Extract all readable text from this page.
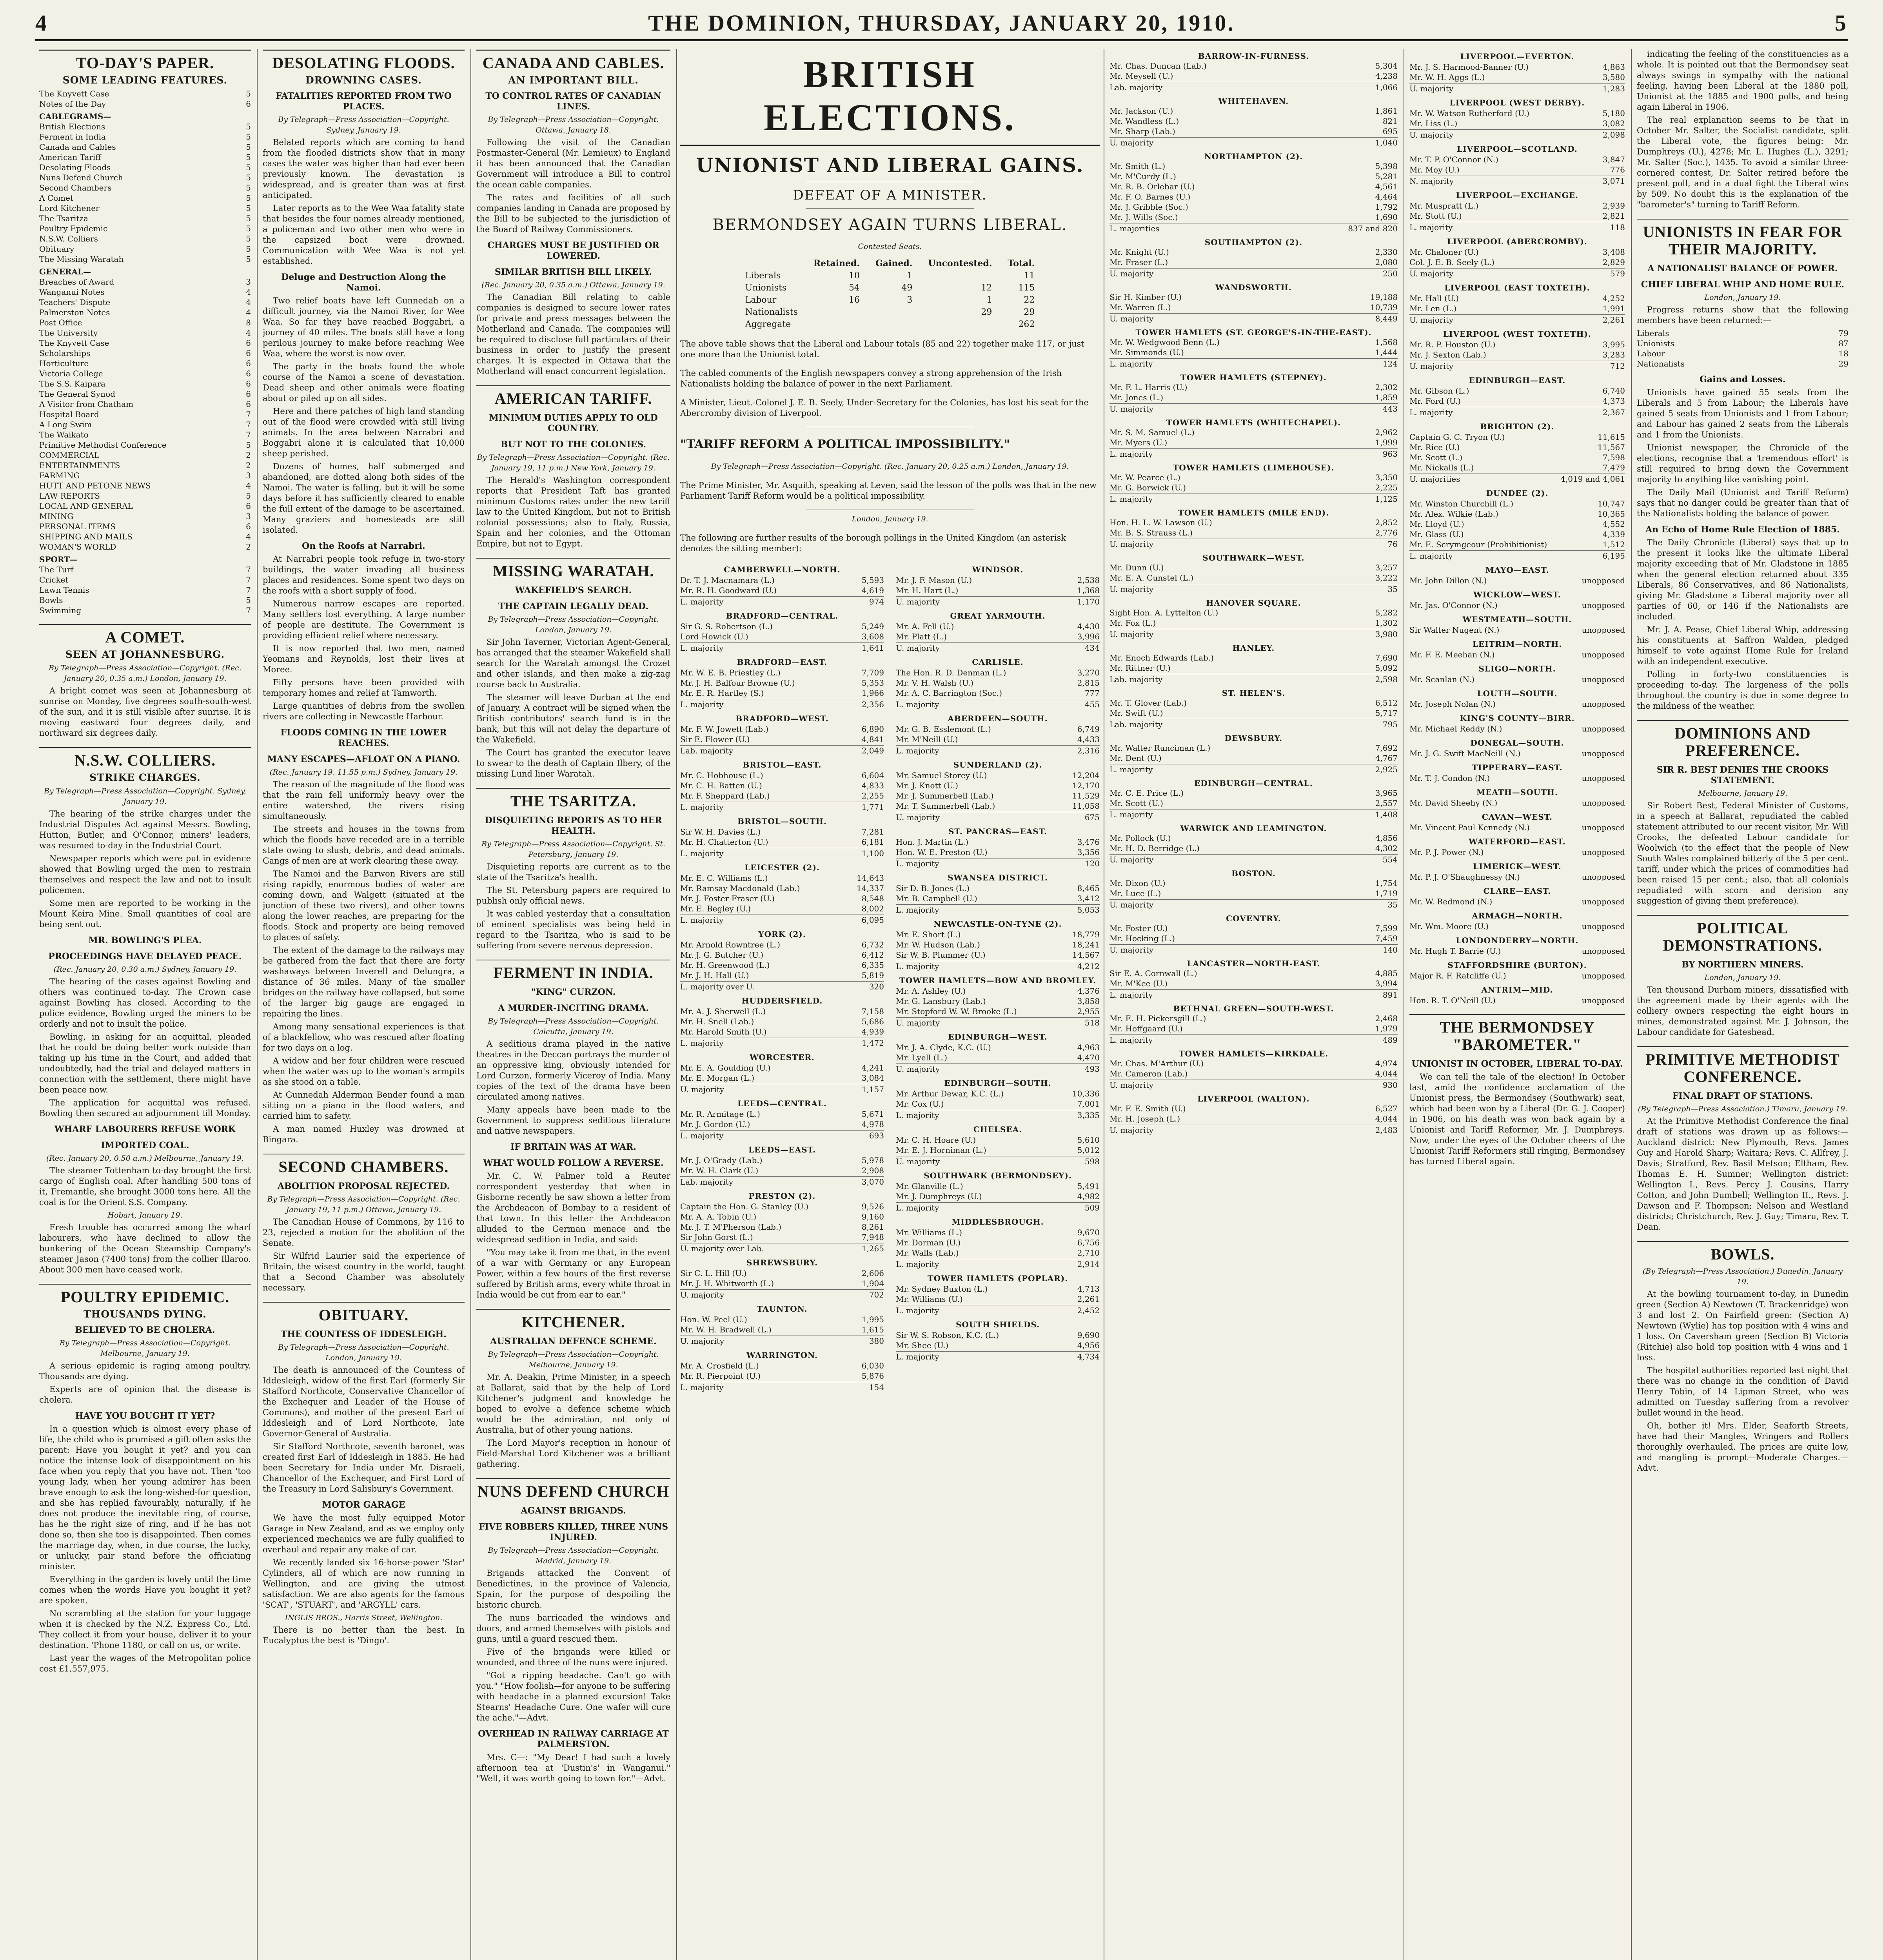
4	THE DOMINION, THURSDAY, JANUARY 20, 1910.	5
TO-DAY'S PAPER.
SOME LEADING FEATURES.
The Knyvett Case	5
Notes of the Day	6
CABLEGRAMS—
British Elections	5
Ferment in India	5
Canada and Cables	5
American Tariff	5
Desolating Floods	5
Nuns Defend Church	5
Second Chambers	5
A Comet	5
Lord Kitchener	5
The Tsaritza	5
Poultry Epidemic	5
N.S.W. Colliers	5
Obituary	5
The Missing Waratah	5
GENERAL—
Breaches of Award	3
Wanganui Notes	4
Teachers' Dispute	4
Palmerston Notes	4
Post Office	8
The University	4
The Knyvett Case	6
Scholarships	6
Horticulture	6
Victoria College	6
The S.S. Kaipara	6
The General Synod	6
A Visitor from Chatham	6
Hospital Board	7
A Long Swim	7
The Waikato	7
Primitive Methodist Conference	5
COMMERCIAL	2
ENTERTAINMENTS	2
FARMING	3
HUTT AND PETONE NEWS	4
LAW REPORTS	5
LOCAL AND GENERAL	6
MINING	3
PERSONAL ITEMS	6
SHIPPING AND MAILS	4
WOMAN'S WORLD	2
SPORT—
The Turf	7
Cricket	7
Lawn Tennis	7
Bowls	5
Swimming	7
A COMET.
SEEN AT JOHANNESBURG.
By Telegraph—Press Association—Copyright. (Rec. January 20, 0.35 a.m.) London, January 19.

A bright comet was seen at Johannesburg at sunrise on Monday, five degrees south-south-west of the sun, and it is still visible after sunrise. It is moving eastward four degrees daily, and northward six degrees daily.

N.S.W. COLLIERS.
STRIKE CHARGES.
By Telegraph—Press Association—Copyright. Sydney, January 19.

The hearing of the strike charges under the Industrial Disputes Act against Messrs. Bowling, Hutton, Butler, and O'Connor, miners' leaders, was resumed to-day in the Industrial Court.

Newspaper reports which were put in evidence showed that Bowling urged the men to restrain themselves and respect the law and not to insult policemen.

Some men are reported to be working in the Mount Keira Mine. Small quantities of coal are being sent out.

MR. BOWLING'S PLEA.
PROCEEDINGS HAVE DELAYED PEACE.
(Rec. January 20, 0.30 a.m.) Sydney, January 19.

The hearing of the cases against Bowling and others was continued to-day. The Crown case against Bowling has closed. According to the police evidence, Bowling urged the miners to be orderly and not to insult the police.

Bowling, in asking for an acquittal, pleaded that he could be doing better work outside than taking up his time in the Court, and added that undoubtedly, had the trial and delayed matters in connection with the settlement, there might have been peace now.

The application for acquittal was refused. Bowling then secured an adjournment till Monday.

WHARF LABOURERS REFUSE WORK
IMPORTED COAL.
(Rec. January 20, 0.50 a.m.) Melbourne, January 19.

The steamer Tottenham to-day brought the first cargo of English coal. After handling 500 tons of it, Fremantle, she brought 3000 tons here. All the coal is for the Orient S.S. Company.

Hobart, January 19.

Fresh trouble has occurred among the wharf labourers, who have declined to allow the bunkering of the Ocean Steamship Company's steamer Jason (7400 tons) from the collier Illaroo. About 300 men have ceased work.

POULTRY EPIDEMIC.
THOUSANDS DYING.
BELIEVED TO BE CHOLERA.
By Telegraph—Press Association—Copyright. Melbourne, January 19.

A serious epidemic is raging among poultry. Thousands are dying.

Experts are of opinion that the disease is cholera.

HAVE YOU BOUGHT IT YET?

In a question which is almost every phase of life, the child who is promised a gift often asks the parent: Have you bought it yet? and you can notice the intense look of disappointment on his face when you reply that you have not. Then 'too young lady, when her young admirer has been brave enough to ask the long-wished-for question, and she has replied favourably, naturally, if he does not produce the inevitable ring, of course, has he the right size of ring, and if he has not done so, then she too is disappointed. Then comes the marriage day, when, in due course, the lucky, or unlucky, pair stand before the officiating minister.

Everything in the garden is lovely until the time comes when the words Have you bought it yet? are spoken.

No scrambling at the station for your luggage when it is checked by the N.Z. Express Co., Ltd. They collect it from your house, deliver it to your destination. 'Phone 1180, or call on us, or write.

Last year the wages of the Metropolitan police cost £1,557,975.

DESOLATING FLOODS.
DROWNING CASES.
FATALITIES REPORTED FROM TWO PLACES.
By Telegraph—Press Association—Copyright. Sydney, January 19.

Belated reports which are coming to hand from the flooded districts show that in many cases the water was higher than had ever been previously known. The devastation is widespread, and is greater than was at first anticipated.

Later reports as to the Wee Waa fatality state that besides the four names already mentioned, a policeman and two other men who were in the capsized boat were drowned. Communication with Wee Waa is not yet established.

Deluge and Destruction Along the Namoi.

Two relief boats have left Gunnedah on a difficult journey, via the Namoi River, for Wee Waa. So far they have reached Boggabri, a journey of 40 miles. The boats still have a long perilous journey to make before reaching Wee Waa, where the worst is now over.

The party in the boats found the whole course of the Namoi a scene of devastation. Dead sheep and other animals were floating about or piled up on all sides.

Here and there patches of high land standing out of the flood were crowded with still living animals. In the area between Narrabri and Boggabri alone it is calculated that 10,000 sheep perished.

Dozens of homes, half submerged and abandoned, are dotted along both sides of the Namoi. The water is falling, but it will be some days before it has sufficiently cleared to enable the full extent of the damage to be ascertained. Many graziers and homesteads are still isolated.

On the Roofs at Narrabri.

At Narrabri people took refuge in two-story buildings, the water invading all business places and residences. Some spent two days on the roofs with a short supply of food.

Numerous narrow escapes are reported. Many settlers lost everything. A large number of people are destitute. The Government is providing efficient relief where necessary.

It is now reported that two men, named Yeomans and Reynolds, lost their lives at Moree.

Fifty persons have been provided with temporary homes and relief at Tamworth.

Large quantities of debris from the swollen rivers are collecting in Newcastle Harbour.

FLOODS COMING IN THE LOWER REACHES.
MANY ESCAPES—AFLOAT ON A PIANO.
(Rec. January 19, 11.55 p.m.) Sydney, January 19.

The reason of the magnitude of the flood was that the rain fell uniformly heavy over the entire watershed, the rivers rising simultaneously.

The streets and houses in the towns from which the floods have receded are in a terrible state owing to slush, debris, and dead animals. Gangs of men are at work clearing these away.

The Namoi and the Barwon Rivers are still rising rapidly, enormous bodies of water are coming down, and Walgett (situated at the junction of these two rivers), and other towns along the lower reaches, are preparing for the floods. Stock and property are being removed to places of safety.

The extent of the damage to the railways may be gathered from the fact that there are forty washaways between Inverell and Delungra, a distance of 36 miles. Many of the smaller bridges on the railway have collapsed, but some of the larger big gauge are engaged in repairing the lines.

Among many sensational experiences is that of a blackfellow, who was rescued after floating for two days on a log.

A widow and her four children were rescued when the water was up to the woman's armpits as she stood on a table.

At Gunnedah Alderman Bender found a man sitting on a piano in the flood waters, and carried him to safety.

A man named Huxley was drowned at Bingara.

SECOND CHAMBERS.
ABOLITION PROPOSAL REJECTED.
By Telegraph—Press Association—Copyright. (Rec. January 19, 11 p.m.) Ottawa, January 19.

The Canadian House of Commons, by 116 to 23, rejected a motion for the abolition of the Senate.

Sir Wilfrid Laurier said the experience of Britain, the wisest country in the world, taught that a Second Chamber was absolutely necessary.

OBITUARY.
THE COUNTESS OF IDDESLEIGH.
By Telegraph—Press Association—Copyright. London, January 19.

The death is announced of the Countess of Iddesleigh, widow of the first Earl (formerly Sir Stafford Northcote, Conservative Chancellor of the Exchequer and Leader of the House of Commons), and mother of the present Earl of Iddesleigh and of Lord Northcote, late Governor-General of Australia.

Sir Stafford Northcote, seventh baronet, was created first Earl of Iddesleigh in 1885. He had been Secretary for India under Mr. Disraeli, Chancellor of the Exchequer, and First Lord of the Treasury in Lord Salisbury's Government.

MOTOR GARAGE

We have the most fully equipped Motor Garage in New Zealand, and as we employ only experienced mechanics we are fully qualified to overhaul and repair any make of car.

We recently landed six 16-horse-power 'Star' Cylinders, all of which are now running in Wellington, and are giving the utmost satisfaction. We are also agents for the famous 'SCAT', 'STUART', and 'ARGYLL' cars.

INGLIS BROS., Harris Street, Wellington.

There is no better than the best. In Eucalyptus the best is 'Dingo'.

CANADA AND CABLES.
AN IMPORTANT BILL.
TO CONTROL RATES OF CANADIAN LINES.
By Telegraph—Press Association—Copyright. Ottawa, January 18.

Following the visit of the Canadian Postmaster-General (Mr. Lemieux) to England it has been announced that the Canadian Government will introduce a Bill to control the ocean cable companies.

The rates and facilities of all such companies landing in Canada are proposed by the Bill to be subjected to the jurisdiction of the Board of Railway Commissioners.

CHARGES MUST BE JUSTIFIED OR LOWERED.
SIMILAR BRITISH BILL LIKELY.
(Rec. January 20, 0.35 a.m.) Ottawa, January 19.

The Canadian Bill relating to cable companies is designed to secure lower rates for private and press messages between the Motherland and Canada. The companies will be required to disclose full particulars of their business in order to justify the present charges. It is expected in Ottawa that the Motherland will enact concurrent legislation.

AMERICAN TARIFF.
MINIMUM DUTIES APPLY TO OLD COUNTRY.
BUT NOT TO THE COLONIES.
By Telegraph—Press Association—Copyright. (Rec. January 19, 11 p.m.) New York, January 19.

The Herald's Washington correspondent reports that President Taft has granted minimum Customs rates under the new tariff law to the United Kingdom, but not to British colonial possessions; also to Italy, Russia, Spain and her colonies, and the Ottoman Empire, but not to Egypt.

MISSING WARATAH.
WAKEFIELD'S SEARCH.
THE CAPTAIN LEGALLY DEAD.
By Telegraph—Press Association—Copyright. London, January 19.

Sir John Taverner, Victorian Agent-General, has arranged that the steamer Wakefield shall search for the Waratah amongst the Crozet and other islands, and then make a zig-zag course back to Australia.

The steamer will leave Durban at the end of January. A contract will be signed when the British contributors' search fund is in the bank, but this will not delay the departure of the Wakefield.

The Court has granted the executor leave to swear to the death of Captain Ilbery, of the missing Lund liner Waratah.

THE TSARITZA.
DISQUIETING REPORTS AS TO HER HEALTH.
By Telegraph—Press Association—Copyright. St. Petersburg, January 19.

Disquieting reports are current as to the state of the Tsaritza's health.

The St. Petersburg papers are required to publish only official news.

It was cabled yesterday that a consultation of eminent specialists was being held in regard to the Tsaritza, who is said to be suffering from severe nervous depression.

FERMENT IN INDIA.
"KING" CURZON.
A MURDER-INCITING DRAMA.
By Telegraph—Press Association—Copyright. Calcutta, January 19.

A seditious drama played in the native theatres in the Deccan portrays the murder of an oppressive king, obviously intended for Lord Curzon, formerly Viceroy of India. Many copies of the text of the drama have been circulated among natives.

Many appeals have been made to the Government to suppress seditious literature and native newspapers.

IF BRITAIN WAS AT WAR.
WHAT WOULD FOLLOW A REVERSE.

Mr. C. W. Palmer told a Reuter correspondent yesterday that when in Gisborne recently he saw shown a letter from the Archdeacon of Bombay to a resident of that town. In this letter the Archdeacon alluded to the German menace and the widespread sedition in India, and said:

"You may take it from me that, in the event of a war with Germany or any European Power, within a few hours of the first reverse suffered by British arms, every white throat in India would be cut from ear to ear."

KITCHENER.
AUSTRALIAN DEFENCE SCHEME.
By Telegraph—Press Association—Copyright. Melbourne, January 19.

Mr. A. Deakin, Prime Minister, in a speech at Ballarat, said that by the help of Lord Kitchener's judgment and knowledge he hoped to evolve a defence scheme which would be the admiration, not only of Australia, but of other young nations.

The Lord Mayor's reception in honour of Field-Marshal Lord Kitchener was a brilliant gathering.

NUNS DEFEND CHURCH
AGAINST BRIGANDS.
FIVE ROBBERS KILLED, THREE NUNS INJURED.
By Telegraph—Press Association—Copyright. Madrid, January 19.

Brigands attacked the Convent of Benedictines, in the province of Valencia, Spain, for the purpose of despoiling the historic church.

The nuns barricaded the windows and doors, and armed themselves with pistols and guns, until a guard rescued them.

Five of the brigands were killed or wounded, and three of the nuns were injured.

"Got a ripping headache. Can't go with you." "How foolish—for anyone to be suffering with headache in a planned excursion! Take Stearns' Headache Cure. One wafer will cure the ache."—Advt.

OVERHEAD IN RAILWAY CARRIAGE AT PALMERSTON.

Mrs. C—: "My Dear! I had such a lovely afternoon tea at 'Dustin's' in Wanganui." "Well, it was worth going to town for."—Advt.

BRITISH ELECTIONS.
UNIONIST AND LIBERAL GAINS.
DEFEAT OF A MINISTER.
BERMONDSEY AGAIN TURNS LIBERAL.
Contested Seats.
	Retained.	Gained.	Uncontested.	Total.
Liberals	10	1		11
Unionists	54	49	12	115
Labour	16	3	1	22
Nationalists			29	29
Aggregate				262

The above table shows that the Liberal and Labour totals (85 and 22) together make 117, or just one more than the Unionist total.

The cabled comments of the English newspapers convey a strong apprehension of the Irish Nationalists holding the balance of power in the next Parliament.

A Minister, Lieut.-Colonel J. E. B. Seely, Under-Secretary for the Colonies, has lost his seat for the Abercromby division of Liverpool.

"TARIFF REFORM A POLITICAL IMPOSSIBILITY."
By Telegraph—Press Association—Copyright. (Rec. January 20, 0.25 a.m.) London, January 19.

The Prime Minister, Mr. Asquith, speaking at Leven, said the lesson of the polls was that in the new Parliament Tariff Reform would be a political impossibility.

London, January 19.

The following are further results of the borough pollings in the United Kingdom (an asterisk denotes the sitting member):

CAMBERWELL—NORTH.
Dr. T. J. Macnamara (L.)	5,593
Mr. R. H. Goodward (U.)	4,619
L. majority	974
BRADFORD—CENTRAL.
Sir G. S. Robertson (L.)	5,249
Lord Howick (U.)	3,608
L. majority	1,641
BRADFORD—EAST.
Mr. W. E. B. Priestley (L.)	7,709
Mr. J. H. Balfour Browne (U.)	5,353
Mr. E. R. Hartley (S.)	1,966
L. majority	2,356
BRADFORD—WEST.
Mr. F. W. Jowett (Lab.)	6,890
Sir E. Flower (U.)	4,841
Lab. majority	2,049
BRISTOL—EAST.
Mr. C. Hobhouse (L.)	6,604
Mr. C. H. Batten (U.)	4,833
Mr. F. Sheppard (Lab.)	2,255
L. majority	1,771
BRISTOL—SOUTH.
Sir W. H. Davies (L.)	7,281
Mr. H. Chatterton (U.)	6,181
L. majority	1,100
LEICESTER (2).
Mr. E. C. Williams (L.)	14,643
Mr. Ramsay Macdonald (Lab.)	14,337
Mr. J. Foster Fraser (U.)	8,548
Mr. E. Begley (U.)	8,002
L. majority	6,095
YORK (2).
Mr. Arnold Rowntree (L.)	6,732
Mr. J. G. Butcher (U.)	6,412
Mr. H. Greenwood (L.)	6,335
Mr. J. H. Hall (U.)	5,819
L. majority over U.	320
HUDDERSFIELD.
Mr. A. J. Sherwell (L.)	7,158
Mr. H. Snell (Lab.)	5,686
Mr. Harold Smith (U.)	4,939
L. majority	1,472
WORCESTER.
Mr. E. A. Goulding (U.)	4,241
Mr. E. Morgan (L.)	3,084
U. majority	1,157
LEEDS—CENTRAL.
Mr. R. Armitage (L.)	5,671
Mr. J. Gordon (U.)	4,978
L. majority	693
LEEDS—EAST.
Mr. J. O'Grady (Lab.)	5,978
Mr. W. H. Clark (U.)	2,908
Lab. majority	3,070
PRESTON (2).
Captain the Hon. G. Stanley (U.)	9,526
Mr. A. A. Tobin (U.)	9,160
Mr. J. T. M'Pherson (Lab.)	8,261
Sir John Gorst (L.)	7,948
U. majority over Lab.	1,265
SHREWSBURY.
Sir C. L. Hill (U.)	2,606
Mr. J. H. Whitworth (L.)	1,904
U. majority	702
TAUNTON.
Hon. W. Peel (U.)	1,995
Mr. W. H. Bradwell (L.)	1,615
U. majority	380
WARRINGTON.
Mr. A. Crosfield (L.)	6,030
Mr. R. Pierpoint (U.)	5,876
L. majority	154
WINDSOR.
Mr. J. F. Mason (U.)	2,538
Mr. H. Hart (L.)	1,368
U. majority	1,170
GREAT YARMOUTH.
Mr. A. Fell (U.)	4,430
Mr. Platt (L.)	3,996
U. majority	434
CARLISLE.
The Hon. R. D. Denman (L.)	3,270
Mr. V. H. Walsh (U.)	2,815
Mr. A. C. Barrington (Soc.)	777
L. majority	455
ABERDEEN—SOUTH.
Mr. G. B. Esslemont (L.)	6,749
Mr. M'Neill (U.)	4,433
L. majority	2,316
SUNDERLAND (2).
Mr. Samuel Storey (U.)	12,204
Mr. J. Knott (U.)	12,170
Mr. J. Summerbell (Lab.)	11,529
Mr. T. Summerbell (Lab.)	11,058
U. majority	675
ST. PANCRAS—EAST.
Hon. J. Martin (L.)	3,476
Hon. W. E. Preston (U.)	3,356
L. majority	120
SWANSEA DISTRICT.
Sir D. B. Jones (L.)	8,465
Mr. B. Campbell (U.)	3,412
L. majority	5,053
NEWCASTLE-ON-TYNE (2).
Mr. E. Short (L.)	18,779
Mr. W. Hudson (Lab.)	18,241
Sir W. B. Plummer (U.)	14,567
L. majority	4,212
TOWER HAMLETS—BOW AND BROMLEY.
Mr. A. Ashley (U.)	4,376
Mr. G. Lansbury (Lab.)	3,858
Mr. Stopford W. W. Brooke (L.)	2,955
U. majority	518
EDINBURGH—WEST.
Mr. J. A. Clyde, K.C. (U.)	4,963
Mr. Lyell (L.)	4,470
U. majority	493
EDINBURGH—SOUTH.
Mr. Arthur Dewar, K.C. (L.)	10,336
Mr. Cox (U.)	7,001
L. majority	3,335
CHELSEA.
Mr. C. H. Hoare (U.)	5,610
Mr. E. J. Horniman (L.)	5,012
U. majority	598
SOUTHWARK (BERMONDSEY).
Mr. Glanville (L.)	5,491
Mr. J. Dumphreys (U.)	4,982
L. majority	509
MIDDLESBROUGH.
Mr. Williams (L.)	9,670
Mr. Dorman (U.)	6,756
Mr. Walls (Lab.)	2,710
L. majority	2,914
TOWER HAMLETS (POPLAR).
Mr. Sydney Buxton (L.)	4,713
Mr. Williams (U.)	2,261
L. majority	2,452
SOUTH SHIELDS.
Sir W. S. Robson, K.C. (L.)	9,690
Mr. Shee (U.)	4,956
L. majority	4,734
BARROW-IN-FURNESS.
Mr. Chas. Duncan (Lab.)	5,304
Mr. Meysell (U.)	4,238
Lab. majority	1,066
WHITEHAVEN.
Mr. Jackson (U.)	1,861
Mr. Wandless (L.)	821
Mr. Sharp (Lab.)	695
U. majority	1,040
NORTHAMPTON (2).
Mr. Smith (L.)	5,398
Mr. M'Curdy (L.)	5,281
Mr. R. B. Orlebar (U.)	4,561
Mr. F. O. Barnes (U.)	4,464
Mr. J. Gribble (Soc.)	1,792
Mr. J. Wills (Soc.)	1,690
L. majorities	837 and 820
SOUTHAMPTON (2).
Mr. Knight (U.)	2,330
Mr. Fraser (L.)	2,080
U. majority	250
WANDSWORTH.
Sir H. Kimber (U.)	19,188
Mr. Warren (L.)	10,739
U. majority	8,449
TOWER HAMLETS (ST. GEORGE'S-IN-THE-EAST).
Mr. W. Wedgwood Benn (L.)	1,568
Mr. Simmonds (U.)	1,444
L. majority	124
TOWER HAMLETS (STEPNEY).
Mr. F. L. Harris (U.)	2,302
Mr. Jones (L.)	1,859
U. majority	443
TOWER HAMLETS (WHITECHAPEL).
Mr. S. M. Samuel (L.)	2,962
Mr. Myers (U.)	1,999
L. majority	963
TOWER HAMLETS (LIMEHOUSE).
Mr. W. Pearce (L.)	3,350
Mr. G. Borwick (U.)	2,225
L. majority	1,125
TOWER HAMLETS (MILE END).
Hon. H. L. W. Lawson (U.)	2,852
Mr. B. S. Strauss (L.)	2,776
U. majority	76
SOUTHWARK—WEST.
Mr. Dunn (U.)	3,257
Mr. E. A. Cunstel (L.)	3,222
U. majority	35
HANOVER SQUARE.
Sight Hon. A. Lyttelton (U.)	5,282
Mr. Fox (L.)	1,302
U. majority	3,980
HANLEY.
Mr. Enoch Edwards (Lab.)	7,690
Mr. Rittner (U.)	5,092
Lab. majority	2,598
ST. HELEN'S.
Mr. T. Glover (Lab.)	6,512
Mr. Swift (U.)	5,717
Lab. majority	795
DEWSBURY.
Mr. Walter Runciman (L.)	7,692
Mr. Dent (U.)	4,767
L. majority	2,925
EDINBURGH—CENTRAL.
Mr. C. E. Price (L.)	3,965
Mr. Scott (U.)	2,557
L. majority	1,408
WARWICK AND LEAMINGTON.
Mr. Pollock (U.)	4,856
Mr. H. D. Berridge (L.)	4,302
U. majority	554
BOSTON.
Mr. Dixon (U.)	1,754
Mr. Luce (L.)	1,719
U. majority	35
COVENTRY.
Mr. Foster (U.)	7,599
Mr. Hocking (L.)	7,459
U. majority	140
LANCASTER—NORTH-EAST.
Sir E. A. Cornwall (L.)	4,885
Mr. M'Kee (U.)	3,994
L. majority	891
BETHNAL GREEN—SOUTH-WEST.
Mr. E. H. Pickersgill (L.)	2,468
Mr. Hoffgaard (U.)	1,979
L. majority	489
TOWER HAMLETS—KIRKDALE.
Mr. Chas. M'Arthur (U.)	4,974
Mr. Cameron (Lab.)	4,044
U. majority	930
LIVERPOOL (WALTON).
Mr. F. E. Smith (U.)	6,527
Mr. H. Joseph (L.)	4,044
U. majority	2,483
LIVERPOOL—EVERTON.
Mr. J. S. Harmood-Banner (U.)	4,863
Mr. W. H. Aggs (L.)	3,580
U. majority	1,283
LIVERPOOL (WEST DERBY).
Mr. W. Watson Rutherford (U.)	5,180
Mr. Liss (L.)	3,082
U. majority	2,098
LIVERPOOL—SCOTLAND.
Mr. T. P. O'Connor (N.)	3,847
Mr. Moy (U.)	776
N. majority	3,071
LIVERPOOL—EXCHANGE.
Mr. Muspratt (L.)	2,939
Mr. Stott (U.)	2,821
L. majority	118
LIVERPOOL (ABERCROMBY).
Mr. Chaloner (U.)	3,408
Col. J. E. B. Seely (L.)	2,829
U. majority	579
LIVERPOOL (EAST TOXTETH).
Mr. Hall (U.)	4,252
Mr. Len (L.)	1,991
U. majority	2,261
LIVERPOOL (WEST TOXTETH).
Mr. R. P. Houston (U.)	3,995
Mr. J. Sexton (Lab.)	3,283
U. majority	712
EDINBURGH—EAST.
Mr. Gibson (L.)	6,740
Mr. Ford (U.)	4,373
L. majority	2,367
BRIGHTON (2).
Captain G. C. Tryon (U.)	11,615
Mr. Rice (U.)	11,567
Mr. Scott (L.)	7,598
Mr. Nickalls (L.)	7,479
U. majorities	4,019 and 4,061
DUNDEE (2).
Mr. Winston Churchill (L.)	10,747
Mr. Alex. Wilkie (Lab.)	10,365
Mr. Lloyd (U.)	4,552
Mr. Glass (U.)	4,339
Mr. E. Scrymgeour (Prohibitionist)	1,512
L. majority	6,195
MAYO—EAST.
Mr. John Dillon (N.)	unopposed
WICKLOW—WEST.
Mr. Jas. O'Connor (N.)	unopposed
WESTMEATH—SOUTH.
Sir Walter Nugent (N.)	unopposed
LEITRIM—NORTH.
Mr. F. E. Meehan (N.)	unopposed
SLIGO—NORTH.
Mr. Scanlan (N.)	unopposed
LOUTH—SOUTH.
Mr. Joseph Nolan (N.)	unopposed
KING'S COUNTY—BIRR.
Mr. Michael Reddy (N.)	unopposed
DONEGAL—SOUTH.
Mr. J. G. Swift MacNeill (N.)	unopposed
TIPPERARY—EAST.
Mr. T. J. Condon (N.)	unopposed
MEATH—SOUTH.
Mr. David Sheehy (N.)	unopposed
CAVAN—WEST.
Mr. Vincent Paul Kennedy (N.)	unopposed
WATERFORD—EAST.
Mr. P. J. Power (N.)	unopposed
LIMERICK—WEST.
Mr. P. J. O'Shaughnessy (N.)	unopposed
CLARE—EAST.
Mr. W. Redmond (N.)	unopposed
ARMAGH—NORTH.
Mr. Wm. Moore (U.)	unopposed
LONDONDERRY—NORTH.
Mr. Hugh T. Barrie (U.)	unopposed
STAFFORDSHIRE (BURTON).
Major R. F. Ratcliffe (U.)	unopposed
ANTRIM—MID.
Hon. R. T. O'Neill (U.)	unopposed
THE BERMONDSEY "BAROMETER."
UNIONIST IN OCTOBER, LIBERAL TO-DAY.

We can tell the tale of the election! In October last, amid the confidence acclamation of the Unionist press, the Bermondsey (Southwark) seat, which had been won by a Liberal (Dr. G. J. Cooper) in 1906, on his death was won back again by a Unionist and Tariff Reformer, Mr. J. Dumphreys. Now, under the eyes of the October cheers of the Unionist Tariff Reformers still ringing, Bermondsey has turned Liberal again.

indicating the feeling of the constituencies as a whole. It is pointed out that the Bermondsey seat always swings in sympathy with the national feeling, having been Liberal at the 1880 poll, Unionist at the 1885 and 1900 polls, and being again Liberal in 1906.

The real explanation seems to be that in October Mr. Salter, the Socialist candidate, split the Liberal vote, the figures being: Mr. Dumphreys (U.), 4278; Mr. L. Hughes (L.), 3291; Mr. Salter (Soc.), 1435. To avoid a similar three-cornered contest, Dr. Salter retired before the present poll, and in a dual fight the Liberal wins by 509. No doubt this is the explanation of the "barometer's" turning to Tariff Reform.

UNIONISTS IN FEAR FOR THEIR MAJORITY.
A NATIONALIST BALANCE OF POWER.
CHIEF LIBERAL WHIP AND HOME RULE.
London, January 19.

Progress returns show that the following members have been returned:—

Liberals	79
Unionists	87
Labour	18
Nationalists	29
Gains and Losses.

Unionists have gained 55 seats from the Liberals and 5 from Labour; the Liberals have gained 5 seats from Unionists and 1 from Labour; and Labour has gained 2 seats from the Liberals and 1 from the Unionists.

Unionist newspaper, the Chronicle of the elections, recognise that a 'tremendous effort' is still required to bring down the Government majority to anything like vanishing point.

The Daily Mail (Unionist and Tariff Reform) says that no danger could be greater than that of the Nationalists holding the balance of power.

An Echo of Home Rule Election of 1885.

The Daily Chronicle (Liberal) says that up to the present it looks like the ultimate Liberal majority exceeding that of Mr. Gladstone in 1885 when the general election returned about 335 Liberals, 86 Conservatives, and 86 Nationalists, giving Mr. Gladstone a Liberal majority over all parties of 60, or 146 if the Nationalists are included.

Mr. J. A. Pease, Chief Liberal Whip, addressing his constituents at Saffron Walden, pledged himself to vote against Home Rule for Ireland with an independent executive.

Polling in forty-two constituencies is proceeding to-day. The largeness of the polls throughout the country is due in some degree to the mildness of the weather.

DOMINIONS AND PREFERENCE.
SIR R. BEST DENIES THE CROOKS STATEMENT.
Melbourne, January 19.

Sir Robert Best, Federal Minister of Customs, in a speech at Ballarat, repudiated the cabled statement attributed to our recent visitor, Mr. Will Crooks, the defeated Labour candidate for Woolwich (to the effect that the people of New South Wales complained bitterly of the 5 per cent. tariff, under which the prices of commodities had been raised 15 per cent.; also, that all colonials repudiated with scorn and derision any suggestion of giving them preference).

POLITICAL DEMONSTRATIONS.
BY NORTHERN MINERS.
London, January 19.

Ten thousand Durham miners, dissatisfied with the agreement made by their agents with the colliery owners respecting the eight hours in mines, demonstrated against Mr. J. Johnson, the Labour candidate for Gateshead.

PRIMITIVE METHODIST CONFERENCE.
FINAL DRAFT OF STATIONS.
(By Telegraph—Press Association.) Timaru, January 19.

At the Primitive Methodist Conference the final draft of stations was drawn up as follows:— Auckland district: New Plymouth, Revs. James Guy and Harold Sharp; Waitara; Revs. C. Allfrey, J. Davis; Stratford, Rev. Basil Metson; Eltham, Rev. Thomas E. H. Sumner; Wellington district: Wellington I., Revs. Percy J. Cousins, Harry Cotton, and John Dumbell; Wellington II., Revs. J. Dawson and F. Thompson; Nelson and Westland districts; Christchurch, Rev. J. Guy; Timaru, Rev. T. Dean.

BOWLS.
(By Telegraph—Press Association.) Dunedin, January 19.

At the bowling tournament to-day, in Dunedin green (Section A) Newtown (T. Brackenridge) won 3 and lost 2. On Fairfield green: (Section A) Newtown (Wylie) has top position with 4 wins and 1 loss. On Caversham green (Section B) Victoria (Ritchie) also hold top position with 4 wins and 1 loss.

The hospital authorities reported last night that there was no change in the condition of David Henry Tobin, of 14 Lipman Street, who was admitted on Tuesday suffering from a revolver bullet wound in the head.

Oh, bother it! Mrs. Elder, Seaforth Streets, have had their Mangles, Wringers and Rollers thoroughly overhauled. The prices are quite low, and mangling is prompt—Moderate Charges.—Advt.
